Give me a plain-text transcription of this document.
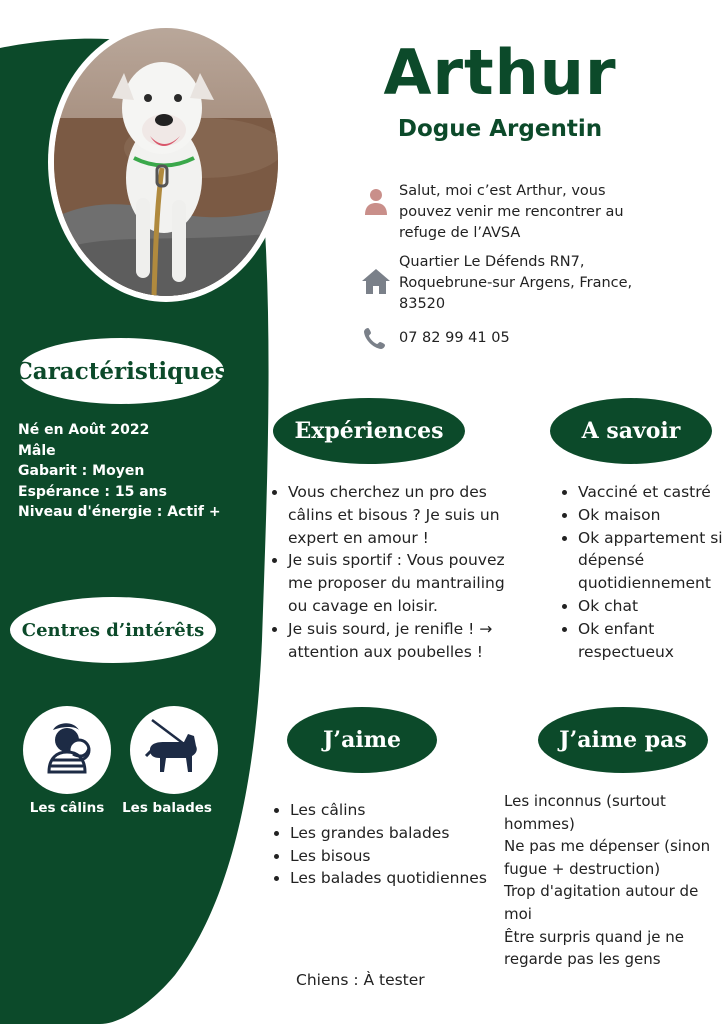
Arthur
Dogue Argentin
Salut, moi c’est Arthur, vous pouvez venir me rencontrer au refuge de l’AVSA
Quartier Le Défends RN7, Roquebrune-sur Argens, France, 83520
07 82 99 41 05
Caractéristiques
Né en Août 2022
Mâle
Gabarit : Moyen
Espérance : 15 ans
Niveau d'énergie : Actif +
Centres d’intérêts
Les câlins	Les balades
Expériences
• Vous cherchez un pro des câlins et bisous ? Je suis un expert en amour !
• Je suis sportif : Vous pouvez me proposer du mantrailing ou cavage en loisir.
• Je suis sourd, je renifle ! → attention aux poubelles !
A savoir
• Vacciné et castré
• Ok maison
• Ok appartement si dépensé quotidiennement
• Ok chat
• Ok enfant respectueux
J’aime
• Les câlins
• Les grandes balades
• Les bisous
• Les balades quotidiennes
J’aime pas
Les inconnus (surtout hommes)
Ne pas me dépenser (sinon fugue + destruction)
Trop d'agitation autour de moi
Être surpris quand je ne regarde pas les gens
Chiens : À tester
